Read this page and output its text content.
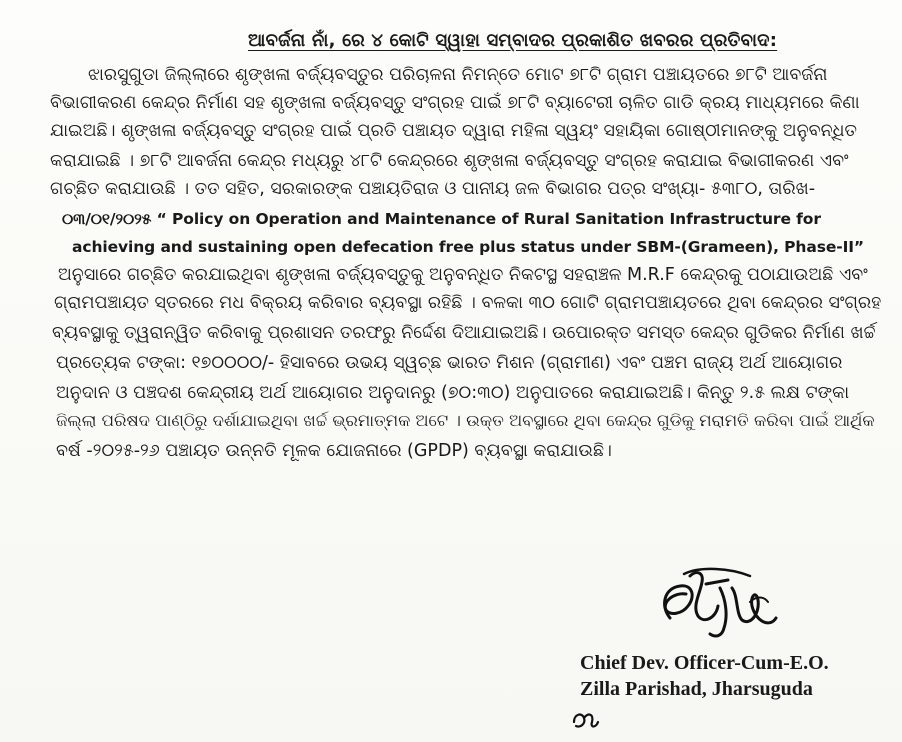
ଆବର୍ଜନା ନାଁ, ରେ ୪ କୋଟି ସ୍ୱାହା ସମ୍ବାଦର ପ୍ରକାଶିତ ଖବରର ପ୍ରତିବାଦ:
ଝାରସୁଗୁଡା ଜିଲ୍ଲାରେ ଶୃଙ୍ଖଳା ବର୍ଜ୍ୟବସ୍ତୁର ପରିଚାଳନା ନିମନ୍ତେ ମୋଟ ୭୮ଟି ଗ୍ରାମ ପଞ୍ଚାୟତରେ ୭୮ଟି ଆବର୍ଜନା
ବିଭାଗୀକରଣ କେନ୍ଦ୍ର ନିର୍ମାଣ ସହ ଶୃଙ୍ଖଳା ବର୍ଜ୍ୟବସ୍ତୁ ସଂଗ୍ରହ ପାଇଁ ୭୮ଟି ବ୍ୟାଟେରୀ ଚାଳିତ ଗାଡି କ୍ରୟ ମାଧ୍ୟମରେ କିଣା
ଯାଇଅଛି। ଶୃଙ୍ଖଳା ବର୍ଜ୍ୟବସ୍ତୁ ସଂଗ୍ରହ ପାଇଁ ପ୍ରତି ପଞ୍ଚାୟତ ଦ୍ୱାରା ମହିଳା ସ୍ୱୟଂ ସହାୟିକା ଗୋଷ୍ଠୀମାନଙ୍କୁ ଅନୁବନ୍ଧିତ
କରାଯାଇଛି । ୭୮ଟି ଆବର୍ଜନା କେନ୍ଦ୍ର ମଧ୍ୟରୁ ୪୮ଟି କେନ୍ଦ୍ରରେ ଶୃଙ୍ଖଳା ବର୍ଜ୍ୟବସ୍ତୁ ସଂଗ୍ରହ କରାଯାଇ ବିଭାଗୀକରଣ ଏବଂ
ଗଚ୍ଛିତ କରାଯାଉଛି । ତତ ସହିତ, ସରକାରଙ୍କ ପଞ୍ଚାୟତିରାଜ ଓ ପାନୀୟ ଜଳ ବିଭାଗର ପତ୍ର ସଂଖ୍ୟା- ୫୩୮୦, ତାରିଖ-
୦୩/୦୧/୨୦୨୫ “ Policy on Operation and Maintenance of Rural Sanitation Infrastructure for
achieving and sustaining open defecation free plus status under SBM-(Grameen), Phase-II”
ଅନୁସାରେ ଗଚ୍ଛିତ କରଯାଇଥିବା ଶୃଙ୍ଖଳା ବର୍ଜ୍ୟବସ୍ତୁକୁ ଅନୁବନ୍ଧିତ ନିକଟସ୍ଥ ସହରାଞ୍ଚଳ M.R.F କେନ୍ଦ୍ରକୁ ପଠାଯାଉଅଛି ଏବଂ
ଗ୍ରାମପଞ୍ଚାୟତ ସ୍ତରରେ ମଧ ବିକ୍ରୟ କରିବାର ବ୍ୟବସ୍ଥା ରହିଛି । ବଳକା ୩୦ ଗୋଟି ଗ୍ରାମପଞ୍ଚାୟତରେ ଥିବା କେନ୍ଦ୍ରର ସଂଗ୍ରହ
ବ୍ୟବସ୍ଥାକୁ ତ୍ୱରାନ୍ୱିତ କରିବାକୁ ପ୍ରଶାସନ ତରଫରୁ ନିର୍ଦ୍ଦେଶ ଦିଆଯାଇଅଛି। ଉପୋରକ୍ତ ସମସ୍ତ କେନ୍ଦ୍ର ଗୁଡିକର ନିର୍ମାଣ ଖର୍ଚ୍ଚ
ପ୍ରତ୍ୟେକ ଟଙ୍କା: ୧୭୦୦୦୦/- ହିସାବରେ ଉଭୟ ସ୍ୱଚ୍ଛ ଭାରତ ମିଶନ (ଗ୍ରାମୀଣ) ଏବଂ ପଞ୍ଚମ ରାଜ୍ୟ ଅର୍ଥ ଆୟୋଗର
ଅନୁଦାନ ଓ ପଞ୍ଚଦଶ କେନ୍ଦ୍ରୀୟ ଅର୍ଥ ଆୟୋଗର ଅନୁଦାନରୁ (୭୦:୩୦) ଅନୁପାତରେ କରାଯାଇଅଛି। କିନ୍ତୁ ୨.୫ ଲକ୍ଷ ଟଙ୍କା
ଜିଲ୍ଲା ପରିଷଦ ପାଣ୍ଠିରୁ ଦର୍ଶାଯାଇଥିବା ଖର୍ଚ୍ଚ ଭ୍ରମାତ୍ମକ ଅଟେ । ଉକ୍ତ ଅବସ୍ଥାରେ ଥିବା କେନ୍ଦ୍ର ଗୁଡିକୁ ମରାମତି କରିବା ପାଇଁ ଆର୍ଥିକ
ବର୍ଷ -୨୦୨୫-୨୬ ପଞ୍ଚାୟତ ଉନ୍ନତି ମୂଳକ ଯୋଜନାରେ (GPDP) ବ୍ୟବସ୍ଥା କରାଯାଉଛି।
Chief Dev. Officer-Cum-E.O.
Zilla Parishad, Jharsuguda
